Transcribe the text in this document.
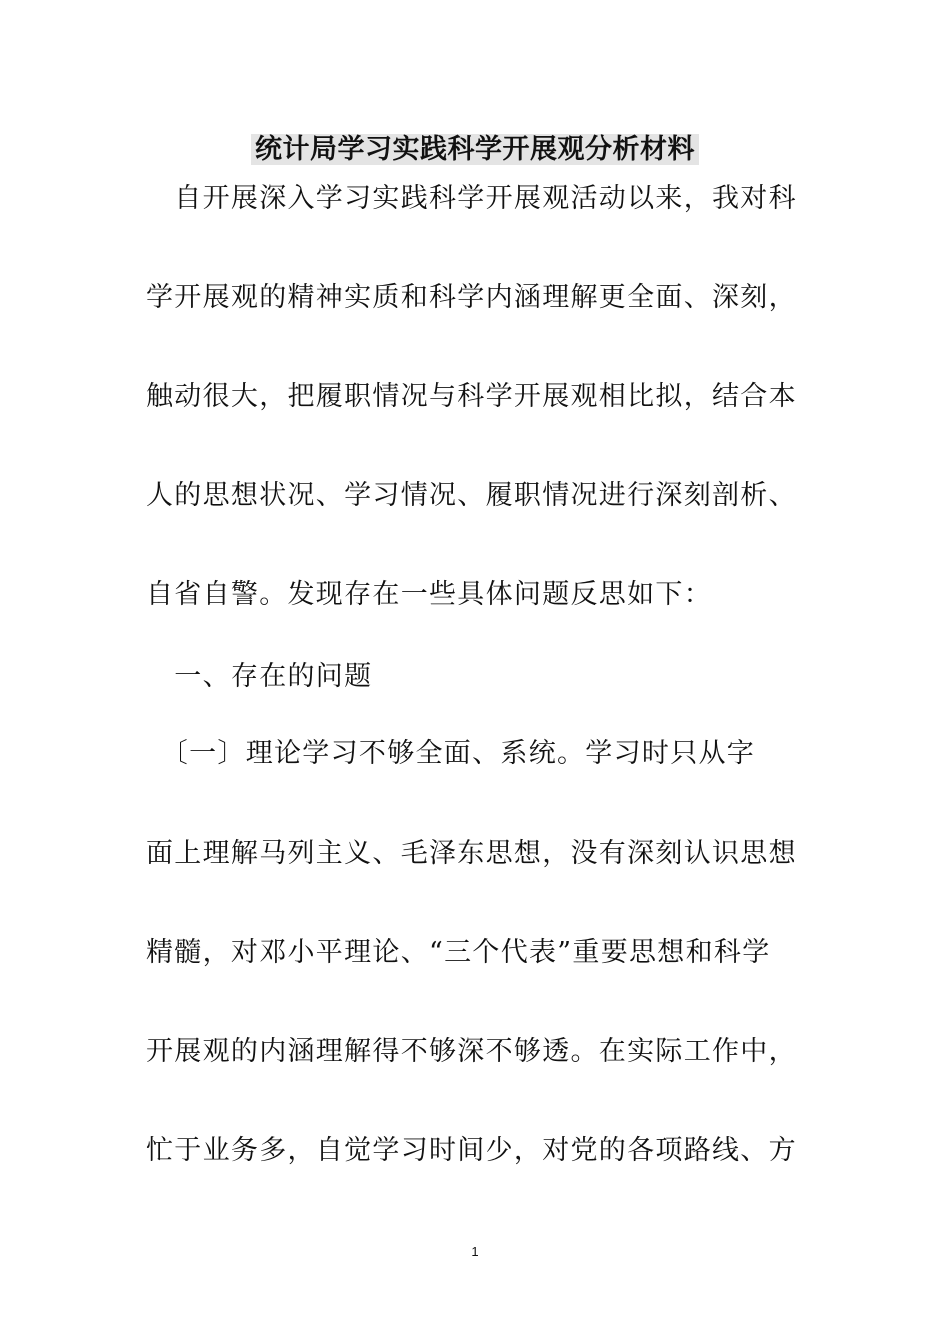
统计局学习实践科学开展观分析材料
　自开展深入学习实践科学开展观活动以来，我对科
学开展观的精神实质和科学内涵理解更全面、深刻，
触动很大，把履职情况与科学开展观相比拟，结合本
人的思想状况、学习情况、履职情况进行深刻剖析、
自省自警。发现存在一些具体问题反思如下：
　一、存在的问题
　〔一〕理论学习不够全面、系统。学习时只从字
面上理解马列主义、毛泽东思想，没有深刻认识思想
精髓，对邓小平理论、“三个代表”重要思想和科学
开展观的内涵理解得不够深不够透。在实际工作中，
忙于业务多，自觉学习时间少，对党的各项路线、方
1
